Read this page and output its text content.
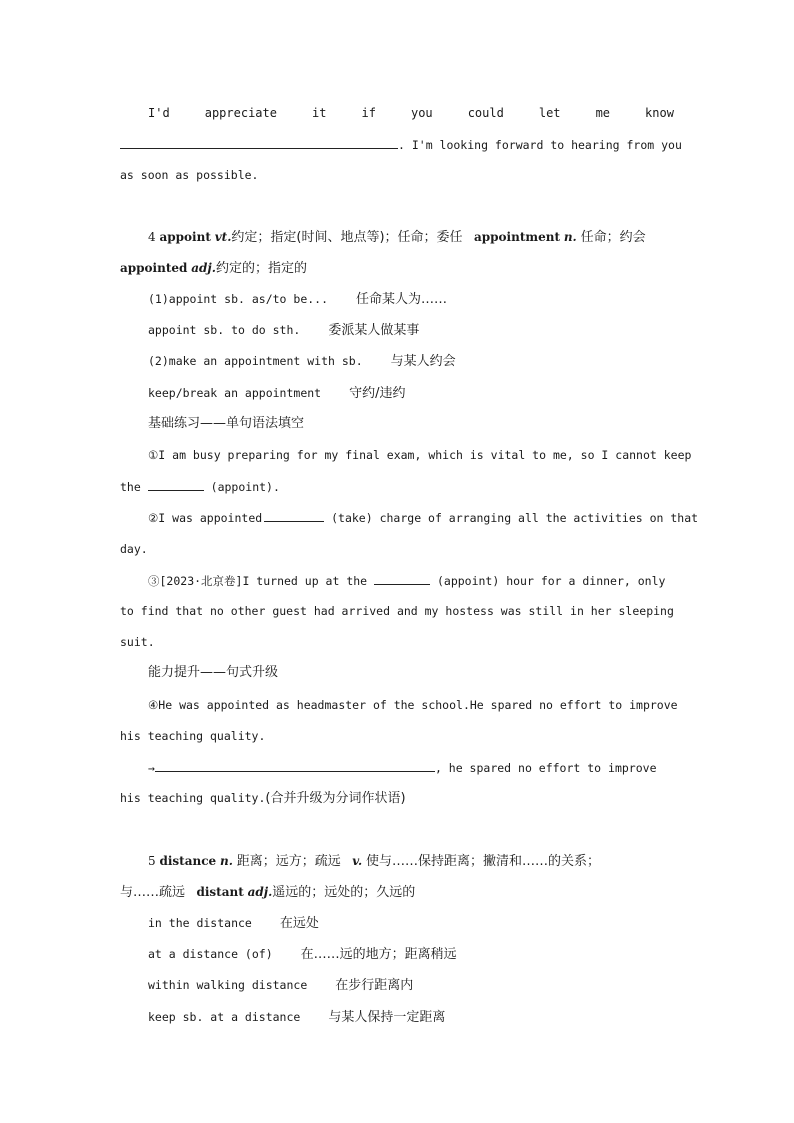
I'd	appreciate	it	if	you	could	let	me	know
. I'm looking forward to hearing from you
as soon as possible.
4 appoint vt.约定；指定(时间、地点等)；任命；委任 appointment n. 任命；约会
appointed adj.约定的；指定的
(1)appoint sb. as/to be... 任命某人为……
appoint sb. to do sth. 委派某人做某事
(2)make an appointment with sb. 与某人约会
keep/break an appointment 守约/违约
基础练习——单句语法填空
①I am busy preparing for my final exam, which is vital to me, so I cannot keep
the	(appoint).
②I was appointed	(take) charge of arranging all the activities on that
day.
③[2023·北京卷]I turned up at the	(appoint) hour for a dinner, only
to find that no other guest had arrived and my hostess was still in her sleeping
suit.
能力提升——句式升级
④He was appointed as headmaster of the school.He spared no effort to improve
his teaching quality.
→	, he spared no effort to improve
his teaching quality.(合并升级为分词作状语)
5 distance n. 距离；远方；疏远 v. 使与……保持距离；撇清和……的关系；
与……疏远 distant adj.遥远的；远处的；久远的
in the distance 在远处
at a distance (of) 在……远的地方；距离稍远
within walking distance 在步行距离内
keep sb. at a distance 与某人保持一定距离
